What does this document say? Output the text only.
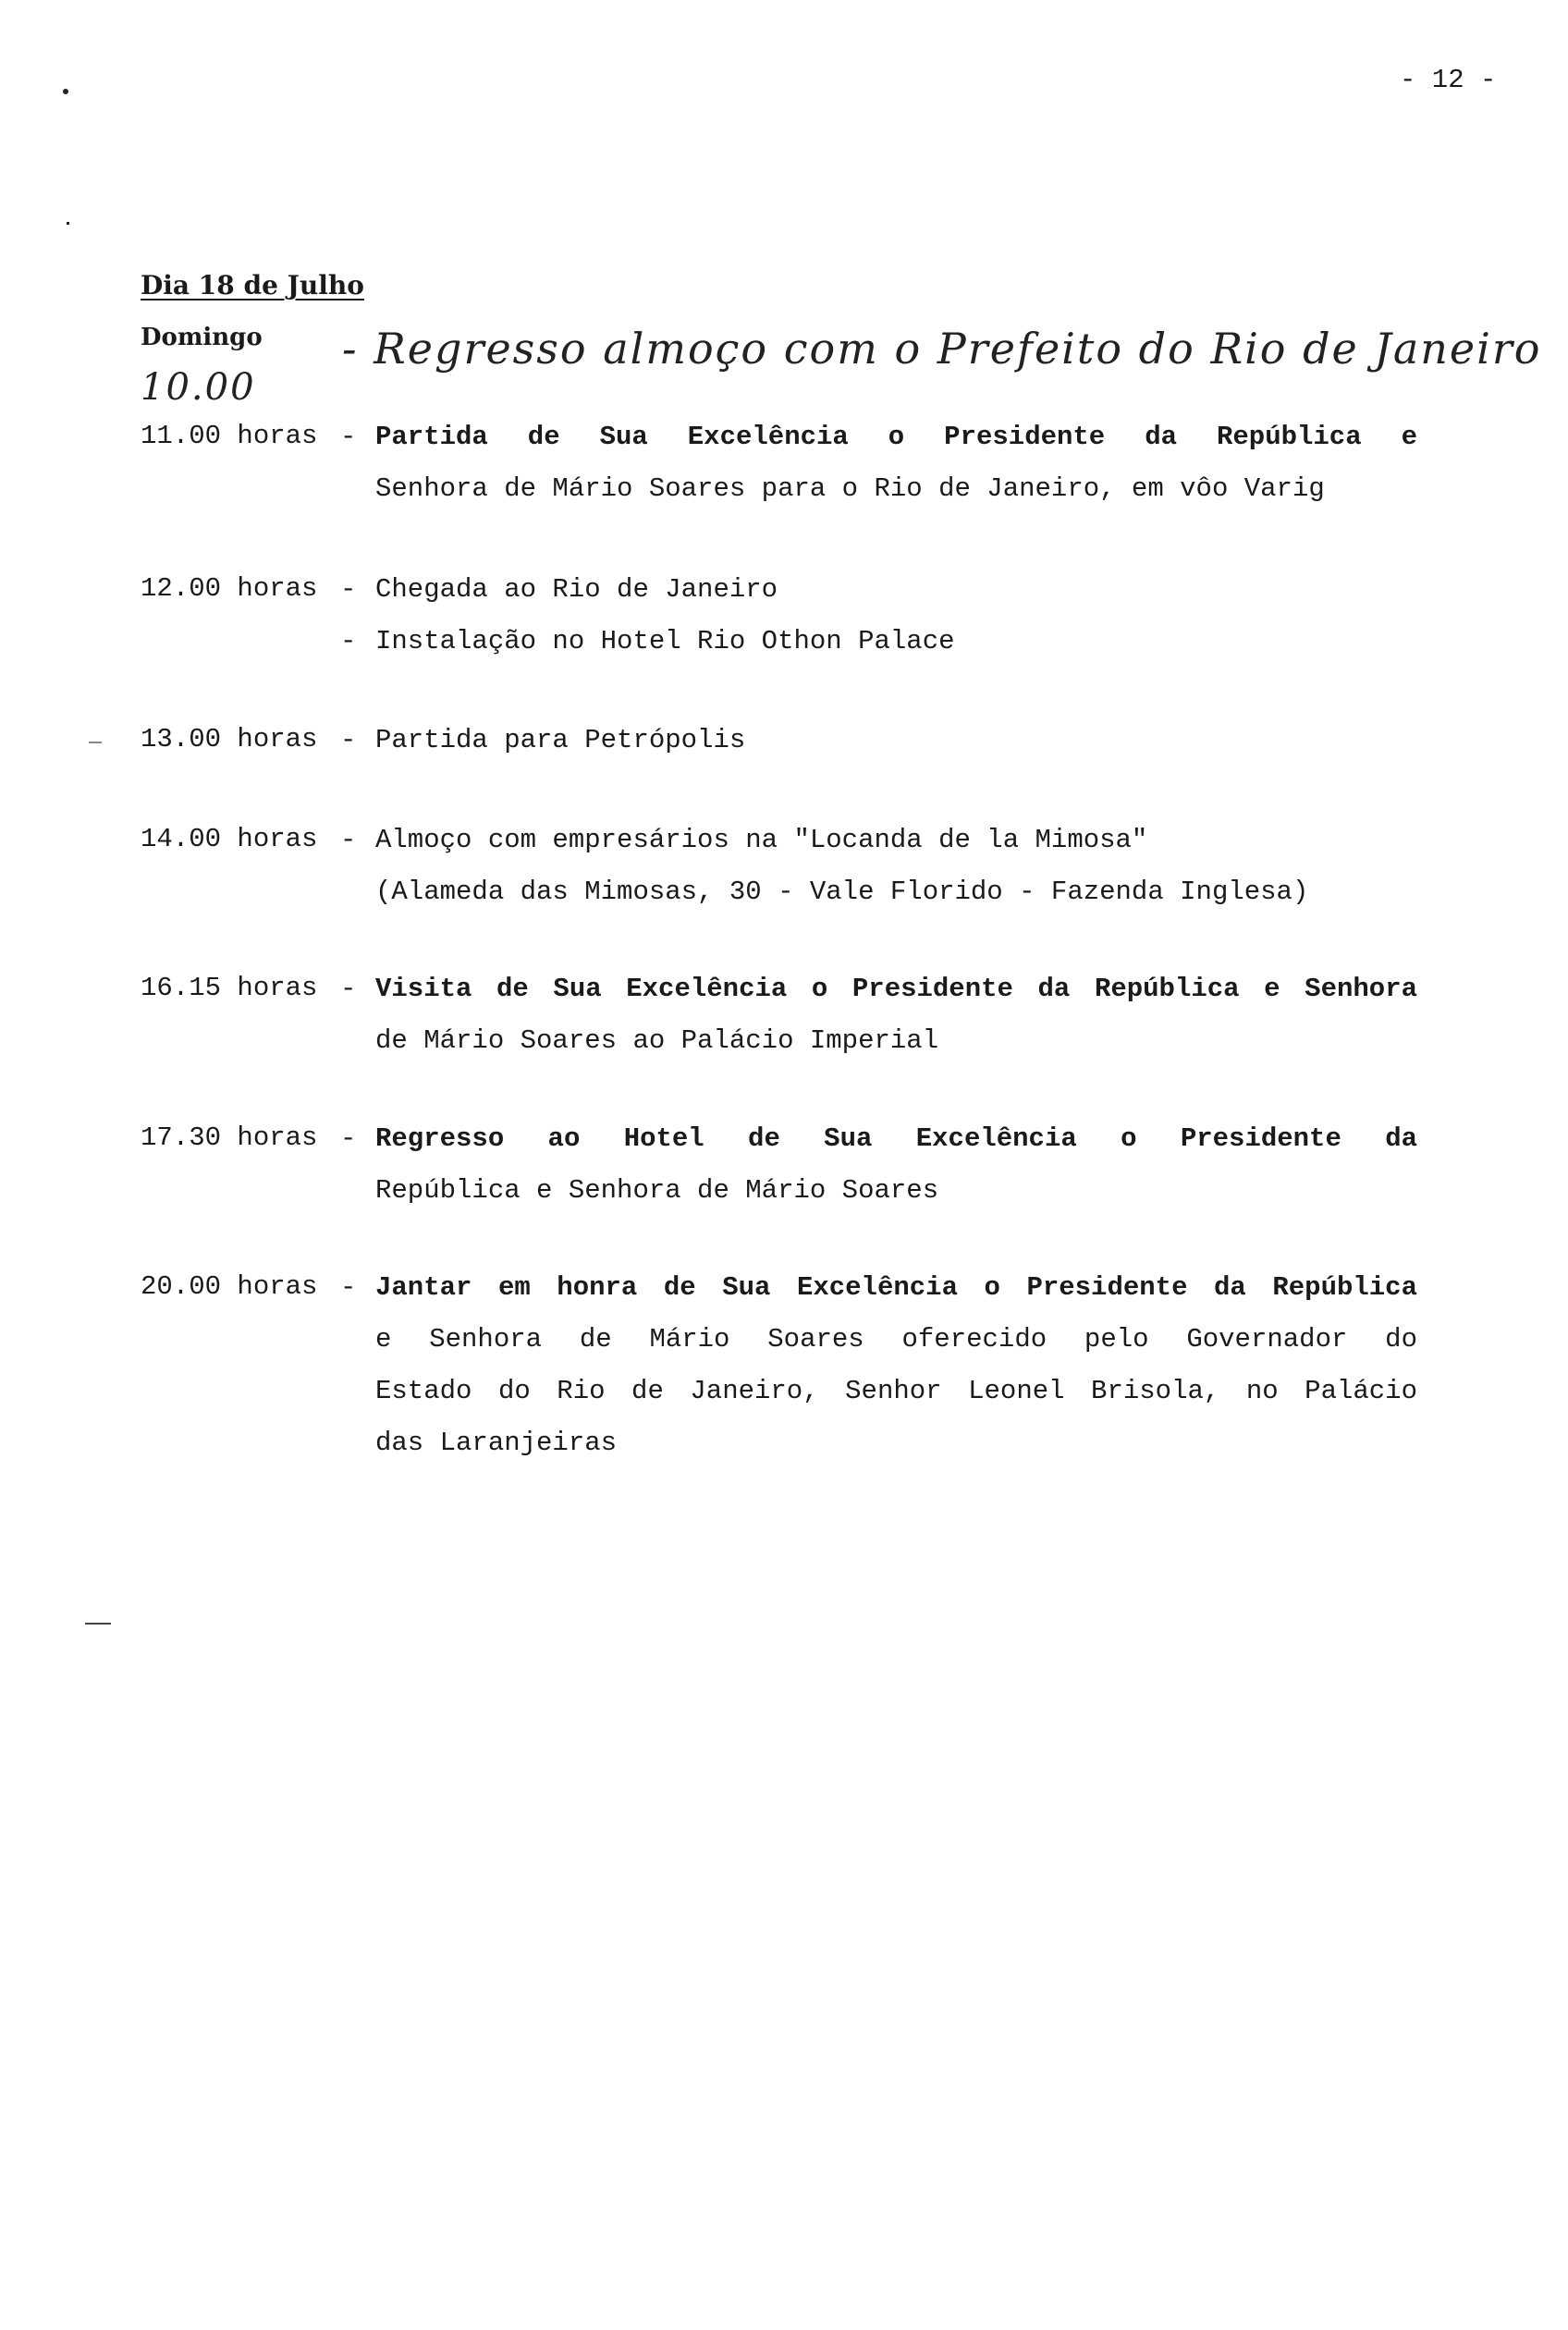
- 12 -
Dia 18 de Julho
Domingo
10.00
- Regresso almoço com o Prefeito do Rio de Janeiro
11.00 horas - Partida de Sua Excelência o Presidente da República e
Senhora de Mário Soares para o Rio de Janeiro, em vôo Varig
12.00 horas - Chegada ao Rio de Janeiro
- Instalação no Hotel Rio Othon Palace
13.00 horas - Partida para Petrópolis
14.00 horas - Almoço com empresários na "Locanda de la Mimosa"
(Alameda das Mimosas, 30 - Vale Florido - Fazenda Inglesa)
16.15 horas - Visita de Sua Excelência o Presidente da República e Senhora
de Mário Soares ao Palácio Imperial
17.30 horas - Regresso ao Hotel de Sua Excelência o Presidente da
República e Senhora de Mário Soares
20.00 horas - Jantar em honra de Sua Excelência o Presidente da República
e Senhora de Mário Soares oferecido pelo Governador do
Estado do Rio de Janeiro, Senhor Leonel Brisola, no Palácio
das Laranjeiras
